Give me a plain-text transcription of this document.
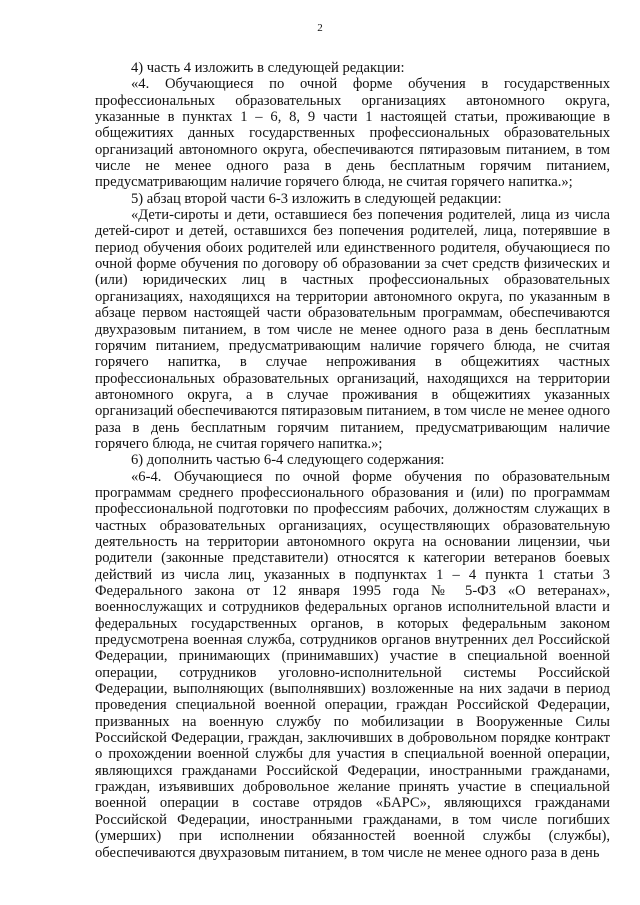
2

4) часть 4 изложить в следующей редакции:

«4. Обучающиеся по очной форме обучения в государственных профессиональных образовательных организациях автономного округа, указанные в пунктах 1 – 6, 8, 9 части 1 настоящей статьи, проживающие в общежитиях данных государственных профессиональных образовательных организаций автономного округа, обеспечиваются пятиразовым питанием, в том числе не менее одного раза в день бесплатным горячим питанием, предусматривающим наличие горячего блюда, не считая горячего напитка.»;

5) абзац второй части 6-3 изложить в следующей редакции:

«Дети-сироты и дети, оставшиеся без попечения родителей, лица из числа детей-сирот и детей, оставшихся без попечения родителей, лица, потерявшие в период обучения обоих родителей или единственного родителя, обучающиеся по очной форме обучения по договору об образовании за счет средств физических и (или) юридических лиц в частных профессиональных образовательных организациях, находящихся на территории автономного округа, по указанным в абзаце первом настоящей части образовательным программам, обеспечиваются двухразовым питанием, в том числе не менее одного раза в день бесплатным горячим питанием, предусматривающим наличие горячего блюда, не считая горячего напитка, в случае непроживания в общежитиях частных профессиональных образовательных организаций, находящихся на территории автономного округа, а в случае проживания в общежитиях указанных организаций обеспечиваются пятиразовым питанием, в том числе не менее одного раза в день бесплатным горячим питанием, предусматривающим наличие горячего блюда, не считая горячего напитка.»;

6) дополнить частью 6-4 следующего содержания:

«6-4. Обучающиеся по очной форме обучения по образовательным программам среднего профессионального образования и (или) по программам профессиональной подготовки по профессиям рабочих, должностям служащих в частных образовательных организациях, осуществляющих образовательную деятельность на территории автономного округа на основании лицензии, чьи родители (законные представители) относятся к категории ветеранов боевых действий из числа лиц, указанных в подпунктах 1 – 4 пункта 1 статьи 3 Федерального закона от 12 января 1995 года № 5-ФЗ «О ветеранах», военнослужащих и сотрудников федеральных органов исполнительной власти и федеральных государственных органов, в которых федеральным законом предусмотрена военная служба, сотрудников органов внутренних дел Российской Федерации, принимающих (принимавших) участие в специальной военной операции, сотрудников уголовно-исполнительной системы Российской Федерации, выполняющих (выполнявших) возложенные на них задачи в период проведения специальной военной операции, граждан Российской Федерации, призванных на военную службу по мобилизации в Вооруженные Силы Российской Федерации, граждан, заключивших в добровольном порядке контракт о прохождении военной службы для участия в специальной военной операции, являющихся гражданами Российской Федерации, иностранными гражданами, граждан, изъявивших добровольное желание принять участие в специальной военной операции в составе отрядов «БАРС», являющихся гражданами Российской Федерации, иностранными гражданами, в том числе погибших (умерших) при исполнении обязанностей военной службы (службы), обеспечиваются двухразовым питанием, в том числе не менее одного раза в день
